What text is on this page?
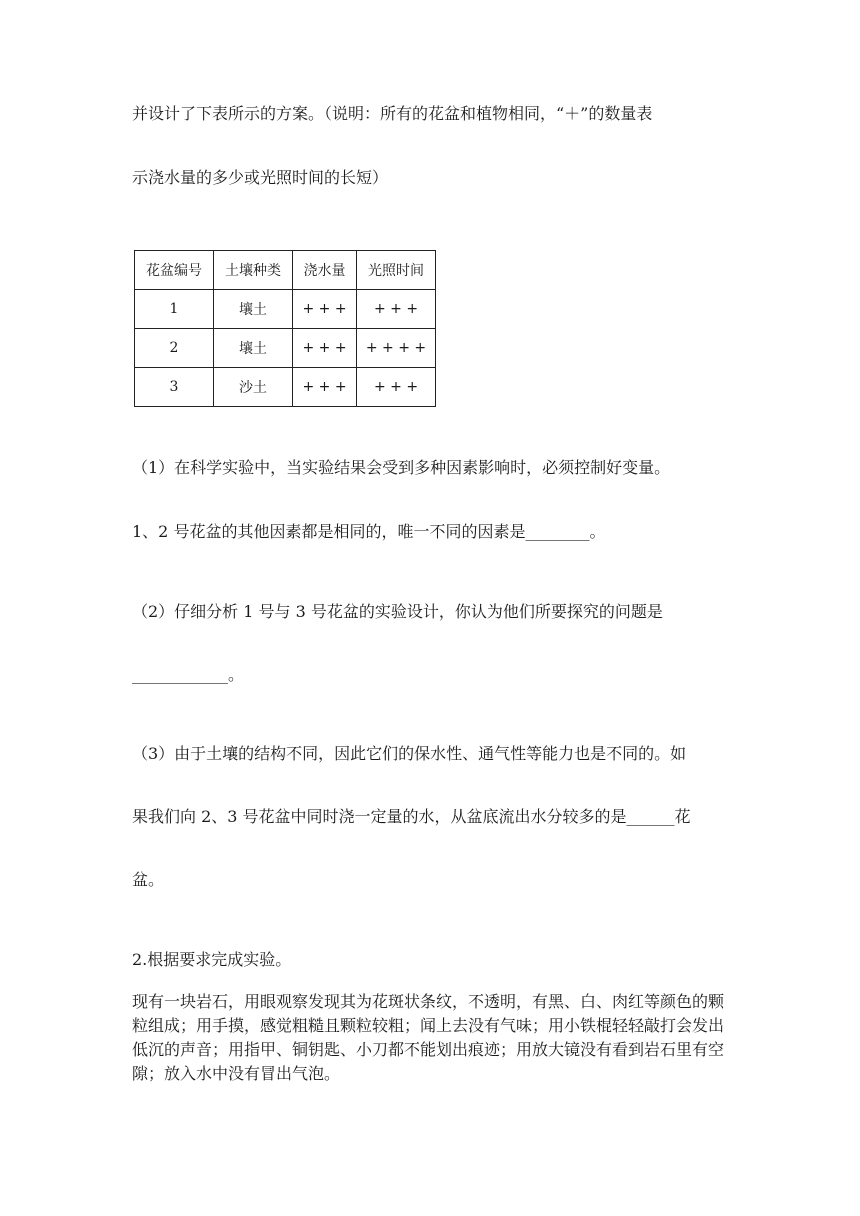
并设计了下表所示的方案。（说明：所有的花盆和植物相同，“＋”的数量表
示浇水量的多少或光照时间的长短）
花盆编号	土壤种类	浇水量	光照时间
1	壤土	+ + +	+ + +
2	壤土	+ + +	+ + + +
3	沙土	+ + +	+ + +
（1）在科学实验中，当实验结果会受到多种因素影响时，必须控制好变量。
1、2 号花盆的其他因素都是相同的，唯一不同的因素是________。
（2）仔细分析 1 号与 3 号花盆的实验设计，你认为他们所要探究的问题是
____________。
（3）由于土壤的结构不同，因此它们的保水性、通气性等能力也是不同的。如
果我们向 2、3 号花盆中同时浇一定量的水，从盆底流出水分较多的是______花
盆。
2.根据要求完成实验。
现有一块岩石，用眼观察发现其为花斑状条纹，不透明，有黑、白、肉红等颜色的颗粒组成；用手摸，感觉粗糙且颗粒较粗；闻上去没有气味；用小铁棍轻轻敲打会发出低沉的声音；用指甲、铜钥匙、小刀都不能划出痕迹；用放大镜没有看到岩石里有空隙；放入水中没有冒出气泡。
